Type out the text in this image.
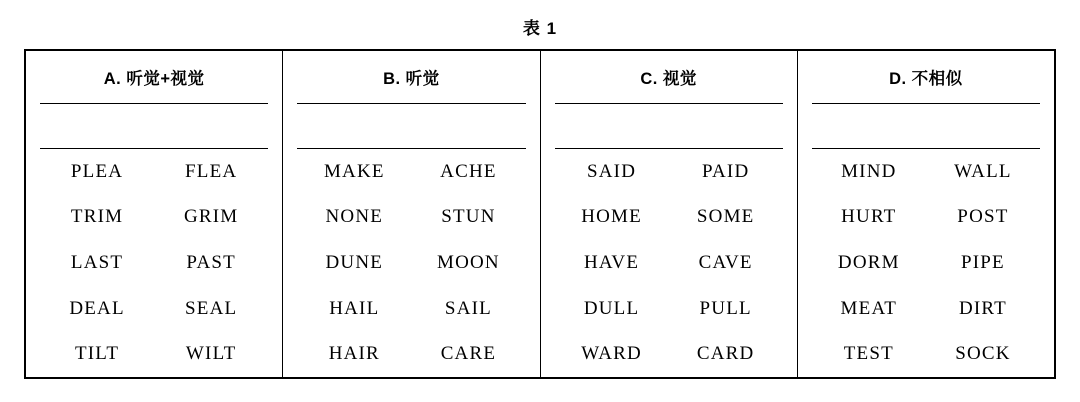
表 1
A. 听觉+视觉
PLEA	FLEA
TRIM	GRIM
LAST	PAST
DEAL	SEAL
TILT	WILT
B. 听觉
MAKE	ACHE
NONE	STUN
DUNE	MOON
HAIL	SAIL
HAIR	CARE
C. 视觉
SAID	PAID
HOME	SOME
HAVE	CAVE
DULL	PULL
WARD	CARD
D. 不相似
MIND	WALL
HURT	POST
DORM	PIPE
MEAT	DIRT
TEST	SOCK
